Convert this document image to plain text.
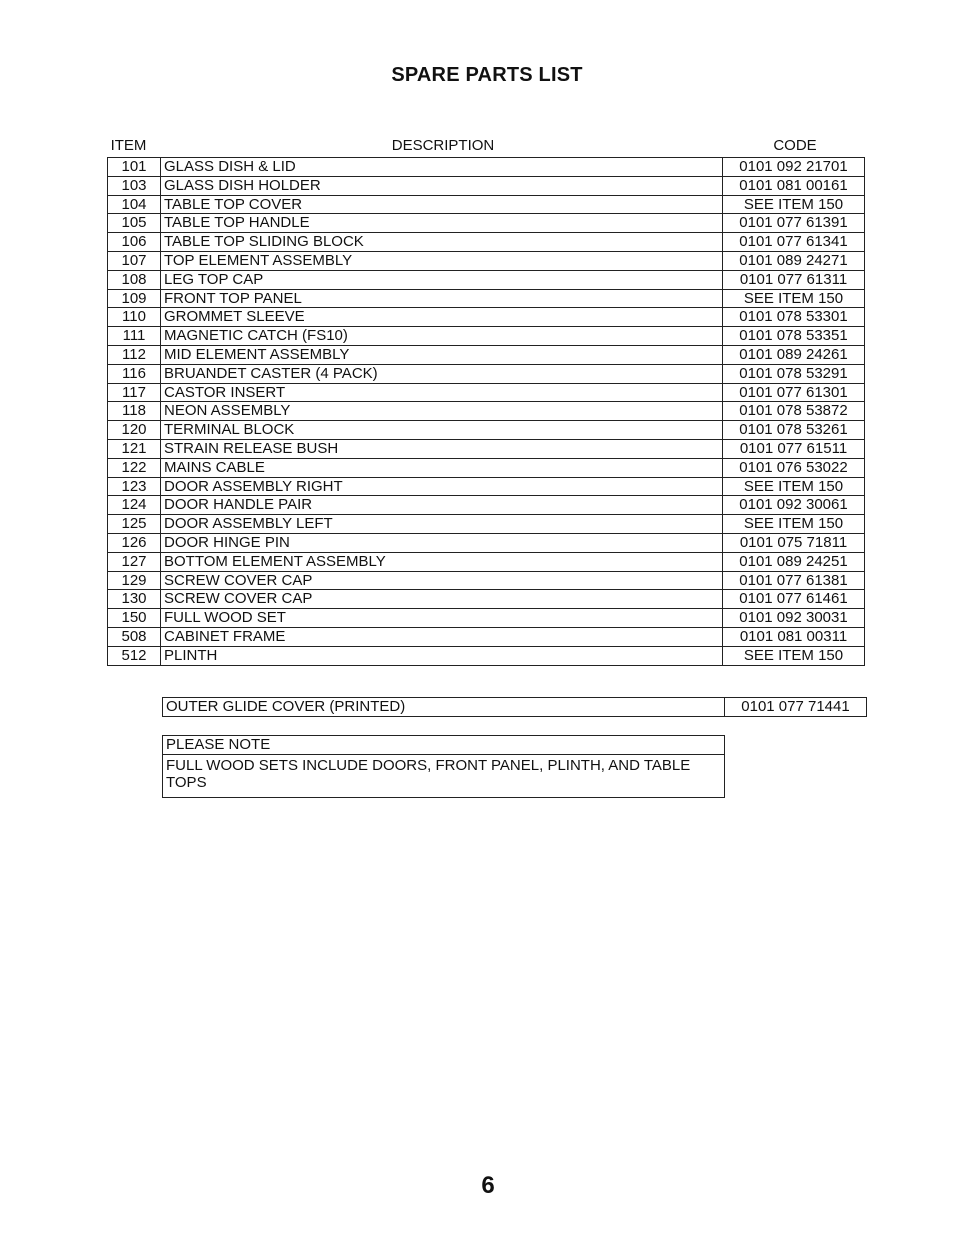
SPARE PARTS LIST
ITEM	DESCRIPTION	CODE
101	GLASS DISH & LID	0101 092 21701
103	GLASS DISH HOLDER	0101 081 00161
104	TABLE TOP COVER	SEE ITEM 150
105	TABLE TOP HANDLE	0101 077 61391
106	TABLE TOP SLIDING BLOCK	0101 077 61341
107	TOP ELEMENT ASSEMBLY	0101 089 24271
108	LEG TOP CAP	0101 077 61311
109	FRONT TOP PANEL	SEE ITEM 150
110	GROMMET SLEEVE	0101 078 53301
111	MAGNETIC CATCH (FS10)	0101 078 53351
112	MID ELEMENT ASSEMBLY	0101 089 24261
116	BRUANDET CASTER (4 PACK)	0101 078 53291
117	CASTOR INSERT	0101 077 61301
118	NEON ASSEMBLY	0101 078 53872
120	TERMINAL BLOCK	0101 078 53261
121	STRAIN RELEASE BUSH	0101 077 61511
122	MAINS CABLE	0101 076 53022
123	DOOR ASSEMBLY RIGHT	SEE ITEM 150
124	DOOR HANDLE PAIR	0101 092 30061
125	DOOR ASSEMBLY LEFT	SEE ITEM 150
126	DOOR HINGE PIN	0101 075 71811
127	BOTTOM ELEMENT ASSEMBLY	0101 089 24251
129	SCREW COVER CAP	0101 077 61381
130	SCREW COVER CAP	0101 077 61461
150	FULL WOOD SET	0101 092 30031
508	CABINET FRAME	0101 081 00311
512	PLINTH	SEE ITEM 150
OUTER GLIDE COVER (PRINTED)	0101 077 71441
PLEASE NOTE
FULL WOOD SETS INCLUDE DOORS, FRONT PANEL, PLINTH, AND TABLE TOPS
6
